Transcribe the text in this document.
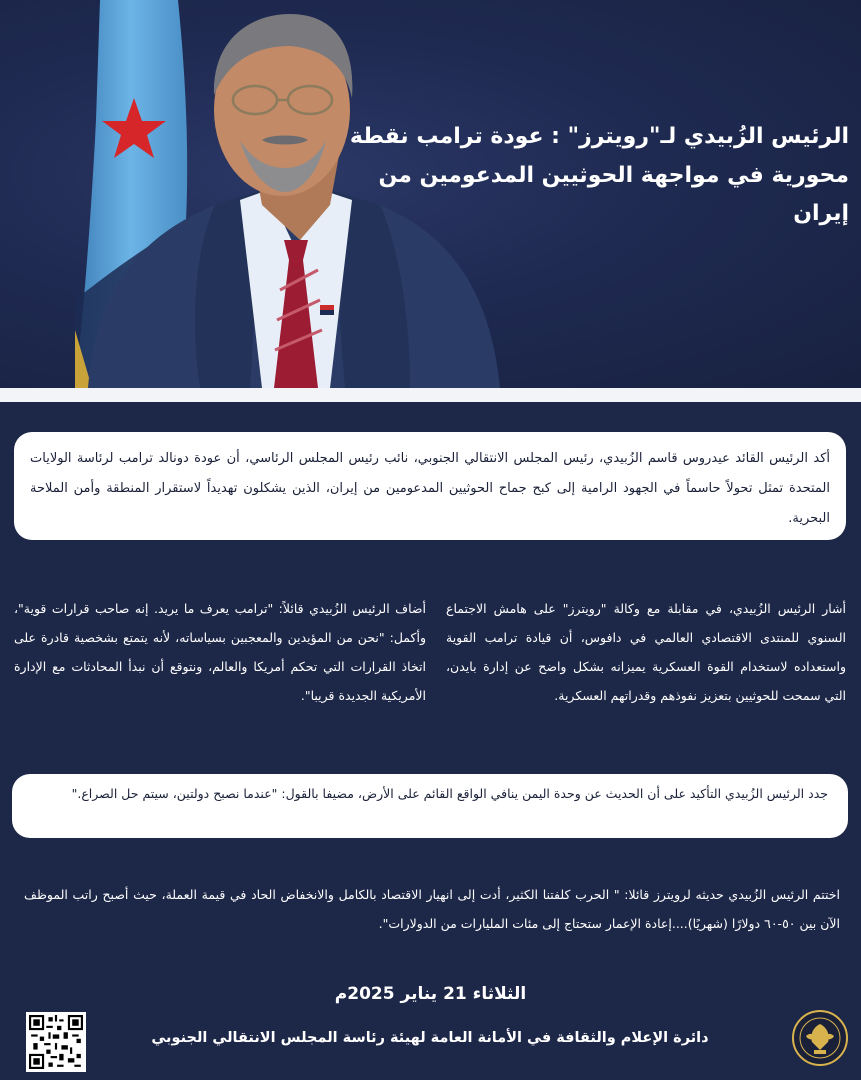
الرئيس الزُبيدي لـ"رويترز" : عودة ترامب نقطة
محورية في مواجهة الحوثيين المدعومين من إيران

أكد الرئيس القائد عيدروس قاسم الزُبيدي، رئيس المجلس الانتقالي الجنوبي، نائب رئيس المجلس الرئاسي، أن عودة دونالد ترامب لرئاسة الولايات المتحدة تمثل تحولاً حاسماً في الجهود الرامية إلى كبح جماح الحوثيين المدعومين من إيران، الذين يشكلون تهديداً لاستقرار المنطقة وأمن الملاحة البحرية.

أشار الرئيس الزُبيدي، في مقابلة مع وكالة "رويترز" على هامش الاجتماع السنوي للمنتدى الاقتصادي العالمي في دافوس، أن قيادة ترامب القوية واستعداده لاستخدام القوة العسكرية يميزانه بشكل واضح عن إدارة بايدن، التي سمحت للحوثيين بتعزيز نفوذهم وقدراتهم العسكرية.

أضاف الرئيس الزُبيدي قائلاً: "ترامب يعرف ما يريد. إنه صاحب قرارات قوية"، وأكمل: "نحن من المؤيدين والمعجبين بسياساته، لأنه يتمتع بشخصية قادرة على اتخاذ القرارات التي تحكم أمريكا والعالم، ونتوقع أن نبدأ المحادثات مع الإدارة الأمريكية الجديدة قريبا".

جدد الرئيس الزُبيدي التأكيد على أن الحديث عن وحدة اليمن ينافي الواقع القائم على الأرض، مضيفا بالقول: "عندما نصبح دولتين، سيتم حل الصراع."

اختتم الرئيس الزُبيدي حديثه لرويترز قائلا: " الحرب كلفتنا الكثير، أدت إلى انهيار الاقتصاد بالكامل والانخفاض الحاد في قيمة العملة، حيث أصبح راتب الموظف الآن بين ٥٠-٦٠ دولارًا (شهريًا)....إعادة الإعمار ستحتاج إلى مئات المليارات من الدولارات".

الثلاثاء 21 يناير 2025م
دائرة الإعلام والثقافة في الأمانة العامة لهيئة رئاسة المجلس الانتقالي الجنوبي
